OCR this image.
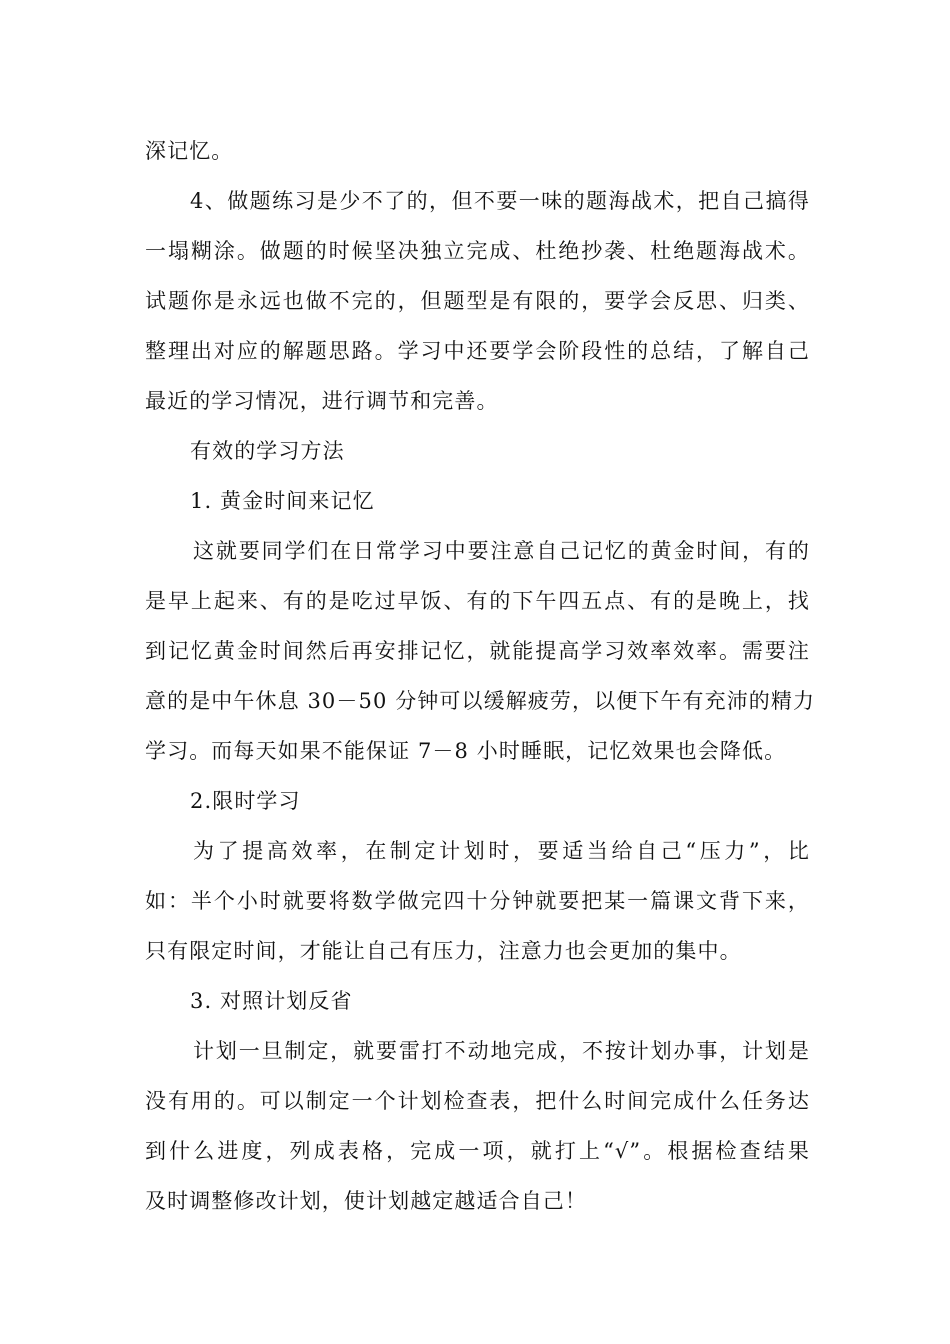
深记忆。
4、做题练习是少不了的，但不要一味的题海战术，把自己搞得
一塌糊涂。做题的时候坚决独立完成、杜绝抄袭、杜绝题海战术。
试题你是永远也做不完的，但题型是有限的，要学会反思、归类、
整理出对应的解题思路。学习中还要学会阶段性的总结，了解自己
最近的学习情况，进行调节和完善。
有效的学习方法
1. 黄金时间来记忆
这就要同学们在日常学习中要注意自己记忆的黄金时间，有的
是早上起来、有的是吃过早饭、有的下午四五点、有的是晚上，找
到记忆黄金时间然后再安排记忆，就能提高学习效率效率。需要注
意的是中午休息 30－50 分钟可以缓解疲劳，以便下午有充沛的精力
学习。而每天如果不能保证 7－8 小时睡眠，记忆效果也会降低。
2.限时学习
为了提高效率，在制定计划时，要适当给自己“压力”，比
如：半个小时就要将数学做完四十分钟就要把某一篇课文背下来，
只有限定时间，才能让自己有压力，注意力也会更加的集中。
3. 对照计划反省
计划一旦制定，就要雷打不动地完成，不按计划办事，计划是
没有用的。可以制定一个计划检查表，把什么时间完成什么任务达
到什么进度，列成表格，完成一项，就打上“√”。根据检查结果
及时调整修改计划，使计划越定越适合自己！
